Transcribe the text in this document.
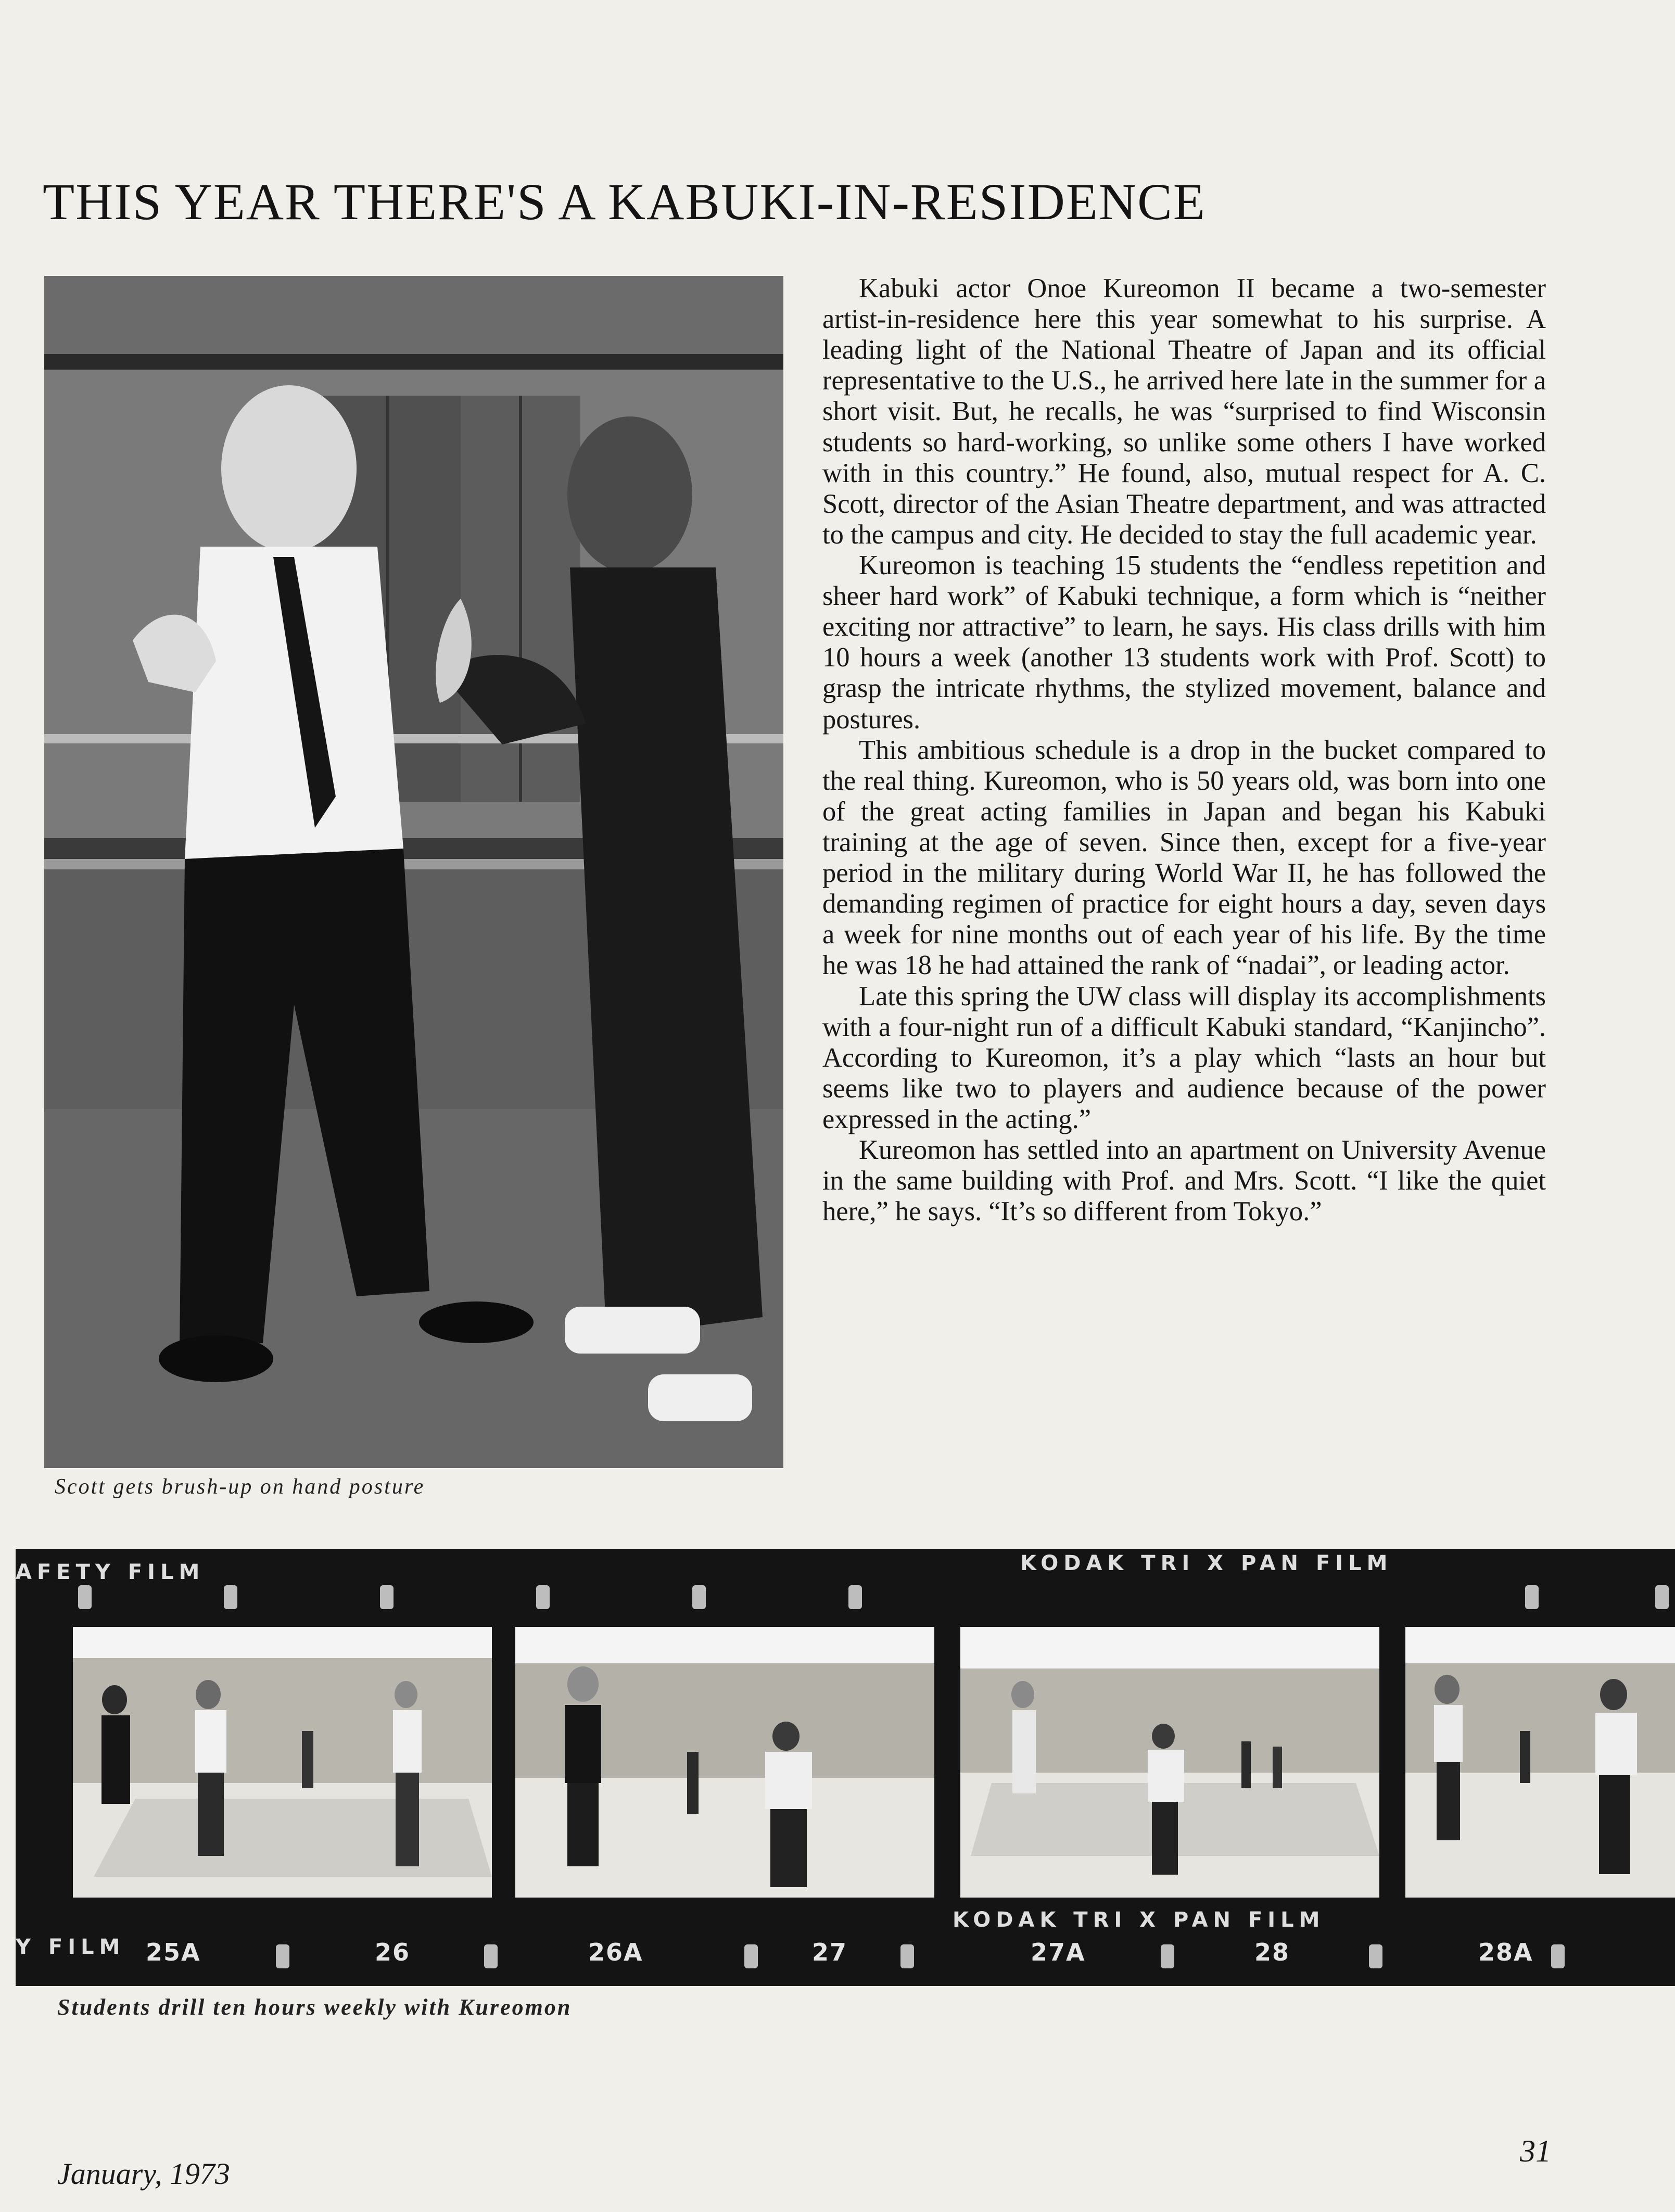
THIS YEAR THERE'S A KABUKI-IN-RESIDENCE

Scott gets brush-up on hand posture

Kabuki actor Onoe Kureomon II became a two-semester artist-in-residence here this year somewhat to his surprise. A leading light of the National Theatre of Japan and its official representative to the U.S., he arrived here late in the summer for a short visit. But, he recalls, he was “surprised to find Wisconsin students so hard-working, so unlike some others I have worked with in this country.” He found, also, mutual respect for A. C. Scott, director of the Asian Theatre department, and was attracted to the campus and city. He decided to stay the full academic year.

Kureomon is teaching 15 students the “endless repetition and sheer hard work” of Kabuki technique, a form which is “neither exciting nor attractive” to learn, he says. His class drills with him 10 hours a week (another 13 students work with Prof. Scott) to grasp the intricate rhythms, the stylized movement, balance and postures.

This ambitious schedule is a drop in the bucket compared to the real thing. Kureomon, who is 50 years old, was born into one of the great acting families in Japan and began his Kabuki training at the age of seven. Since then, except for a five-year period in the military during World War II, he has followed the demanding regimen of practice for eight hours a day, seven days a week for nine months out of each year of his life. By the time he was 18 he had attained the rank of “nadai”, or leading actor.

Late this spring the UW class will display its accomplishments with a four-night run of a difficult Kabuki standard, “Kanjincho”. According to Kureomon, it’s a play which “lasts an hour but seems like two to players and audience because of the power expressed in the acting.”

Kureomon has settled into an apartment on University Avenue in the same building with Prof. and Mrs. Scott. “I like the quiet here,” he says. “It’s so different from Tokyo.”

AFETY FILM	KODAK TRI X PAN FILM
Y FILM
KODAK TRI X PAN FILM
25A	26	26A	27	27A	28	28A

Students drill ten hours weekly with Kureomon

January, 1973

31
